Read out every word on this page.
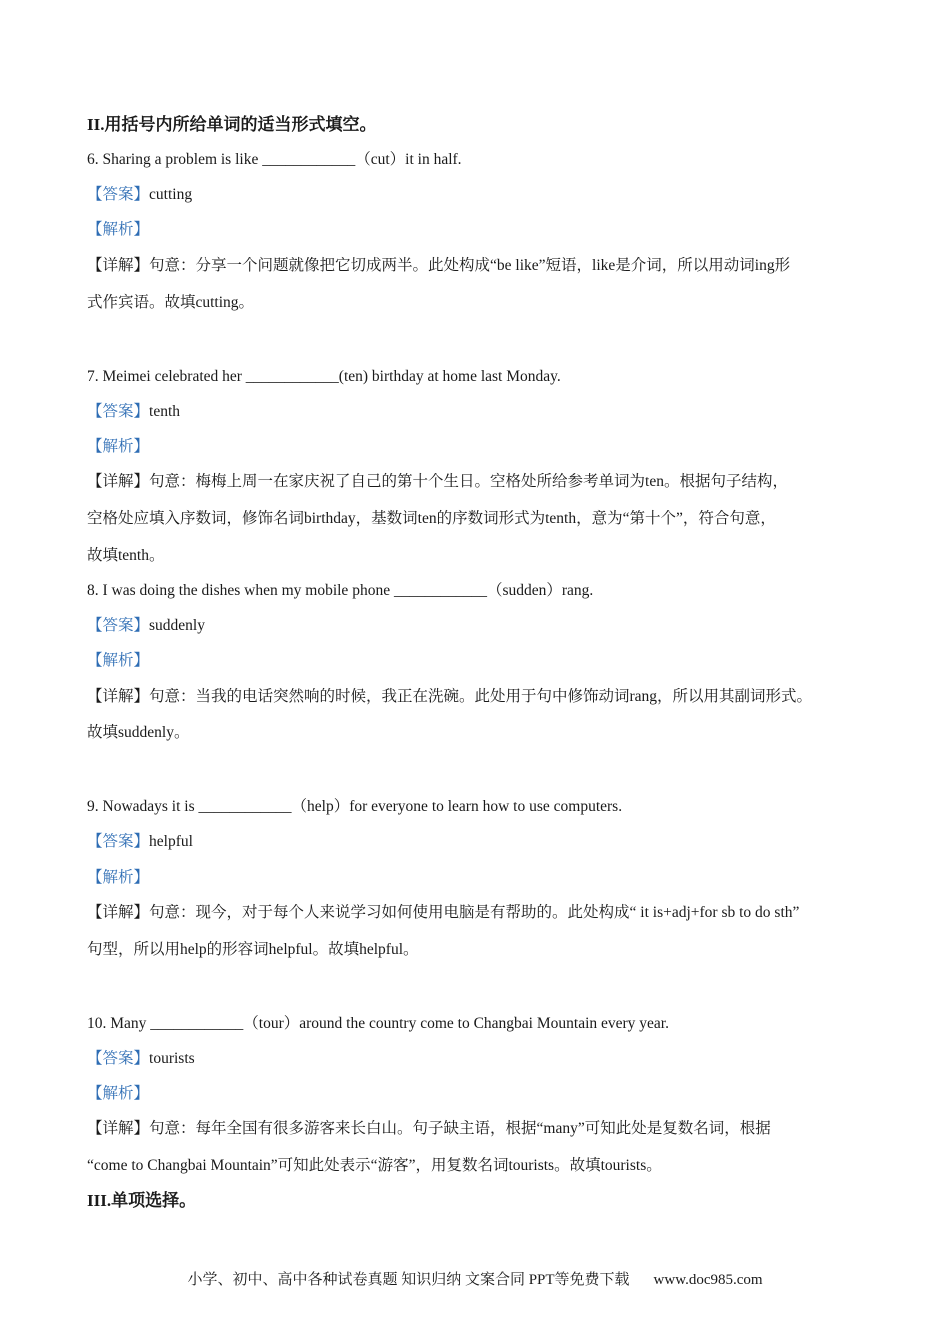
II.用括号内所给单词的适当形式填空。
6. Sharing a problem is like ____________（cut）it in half.
【答案】cutting
【解析】
【详解】句意：分享一个问题就像把它切成两半。此处构成“be like”短语，like是介词，所以用动词ing形
式作宾语。故填cutting。
7. Meimei celebrated her ____________(ten) birthday at home last Monday.
【答案】tenth
【解析】
【详解】句意：梅梅上周一在家庆祝了自己的第十个生日。空格处所给参考单词为ten。根据句子结构，
空格处应填入序数词，修饰名词birthday，基数词ten的序数词形式为tenth，意为“第十个”，符合句意，
故填tenth。
8. I was doing the dishes when my mobile phone ____________（sudden）rang.
【答案】suddenly
【解析】
【详解】句意：当我的电话突然响的时候，我正在洗碗。此处用于句中修饰动词rang，所以用其副词形式。
故填suddenly。
9. Nowadays it is ____________（help）for everyone to learn how to use computers.
【答案】helpful
【解析】
【详解】句意：现今，对于每个人来说学习如何使用电脑是有帮助的。此处构成“ it is+adj+for sb to do sth”
句型，所以用help的形容词helpful。故填helpful。
10. Many ____________（tour）around the country come to Changbai Mountain every year.
【答案】tourists
【解析】
【详解】句意：每年全国有很多游客来长白山。句子缺主语，根据“many”可知此处是复数名词，根据
“come to Changbai Mountain”可知此处表示“游客”，用复数名词tourists。故填tourists。
III.单项选择。
小学、初中、高中各种试卷真题 知识归纳 文案合同 PPT等免费下载 www.doc985.com
